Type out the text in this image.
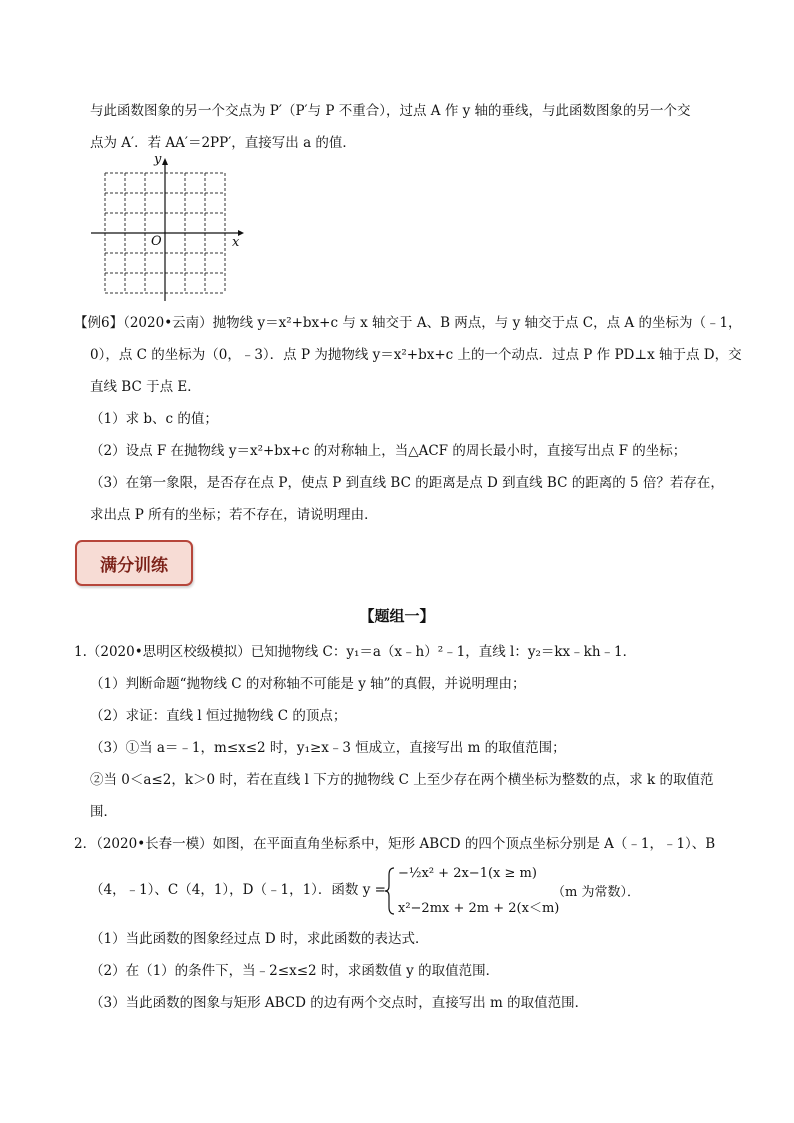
与此函数图象的另一个交点为 P′（P′与 P 不重合），过点 A 作 y 轴的垂线，与此函数图象的另一个交
点为 A′．若 AA′＝2PP′，直接写出 a 的值．
y
x
O
【例6】（2020•云南）抛物线 y＝x²+bx+c 与 x 轴交于 A、B 两点，与 y 轴交于点 C，点 A 的坐标为（﹣1，
0），点 C 的坐标为（0，﹣3）．点 P 为抛物线 y＝x²+bx+c 上的一个动点．过点 P 作 PD⊥x 轴于点 D，交
直线 BC 于点 E．
（1）求 b、c 的值；
（2）设点 F 在抛物线 y＝x²+bx+c 的对称轴上，当△ACF 的周长最小时，直接写出点 F 的坐标；
（3）在第一象限，是否存在点 P，使点 P 到直线 BC 的距离是点 D 到直线 BC 的距离的 5 倍？若存在，
求出点 P 所有的坐标；若不存在，请说明理由．
满分训练
【题组一】
1.（2020•思明区校级模拟）已知抛物线 C：y₁＝a（x﹣h）²﹣1，直线 l：y₂＝kx﹣kh﹣1．
（1）判断命题“抛物线 C 的对称轴不可能是 y 轴”的真假，并说明理由；
（2）求证：直线 l 恒过抛物线 C 的顶点；
（3）①当 a＝﹣1，m≤x≤2 时，y₁≥x﹣3 恒成立，直接写出 m 的取值范围；
②当 0＜a≤2，k＞0 时，若在直线 l 下方的抛物线 C 上至少存在两个横坐标为整数的点，求 k 的取值范
围．
2．（2020•长春一模）如图，在平面直角坐标系中，矩形 ABCD 的四个顶点坐标分别是 A（﹣1，﹣1）、B
（4，﹣1）、C（4，1），D（﹣1，1）．函数 y =
−½x² + 2x−1(x ≥ m)
x²−2mx + 2m + 2(x＜m)
（m 为常数）．
（1）当此函数的图象经过点 D 时，求此函数的表达式．
（2）在（1）的条件下，当﹣2≤x≤2 时，求函数值 y 的取值范围．
（3）当此函数的图象与矩形 ABCD 的边有两个交点时，直接写出 m 的取值范围．
